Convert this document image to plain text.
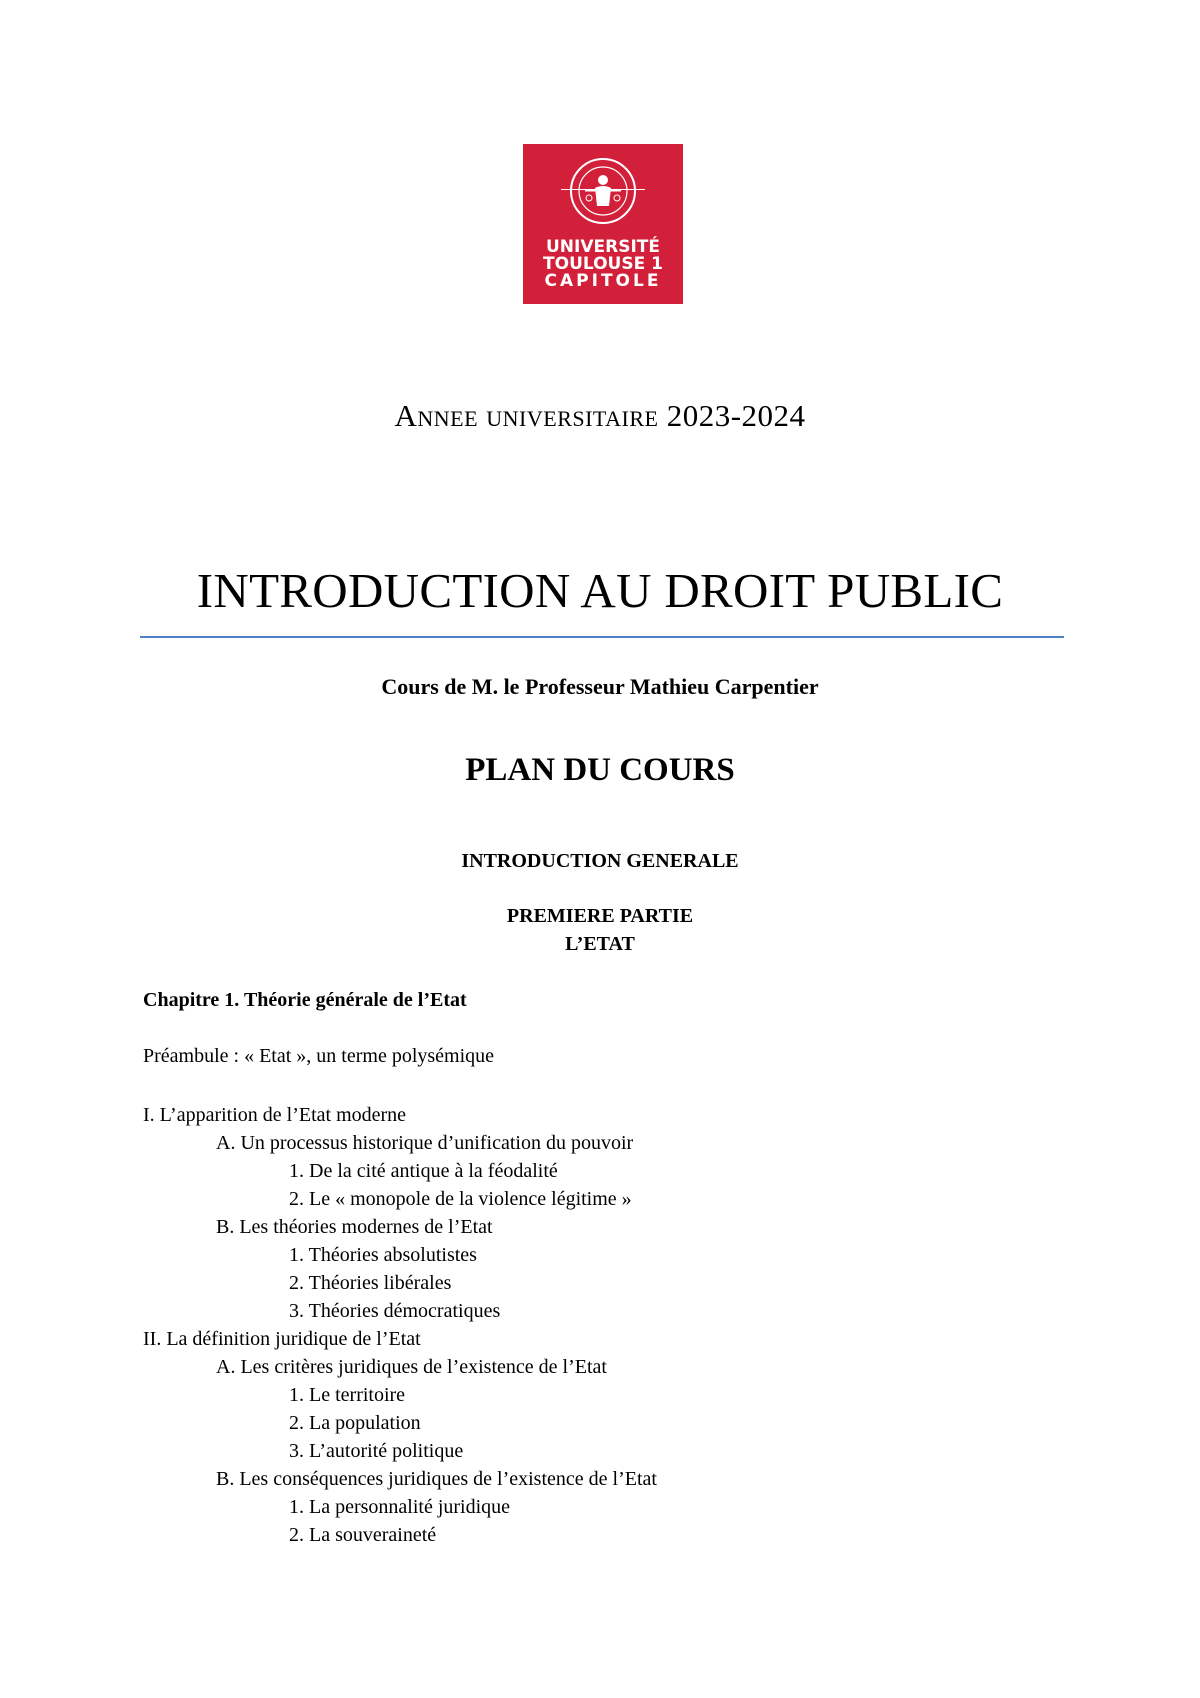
UNIVERSITÉ
TOULOUSE 1
CAPITOLE
Annee universitaire 2023-2024
INTRODUCTION AU DROIT PUBLIC
Cours de M. le Professeur Mathieu Carpentier
PLAN DU COURS
INTRODUCTION GENERALE
PREMIERE PARTIE
L’ETAT
Chapitre 1. Théorie générale de l’Etat
Préambule : « Etat », un terme polysémique
I. L’apparition de l’Etat moderne
A. Un processus historique d’unification du pouvoir
1. De la cité antique à la féodalité
2. Le « monopole de la violence légitime »
B. Les théories modernes de l’Etat
1. Théories absolutistes
2. Théories libérales
3. Théories démocratiques
II. La définition juridique de l’Etat
A. Les critères juridiques de l’existence de l’Etat
1. Le territoire
2. La population
3. L’autorité politique
B. Les conséquences juridiques de l’existence de l’Etat
1. La personnalité juridique
2. La souveraineté
